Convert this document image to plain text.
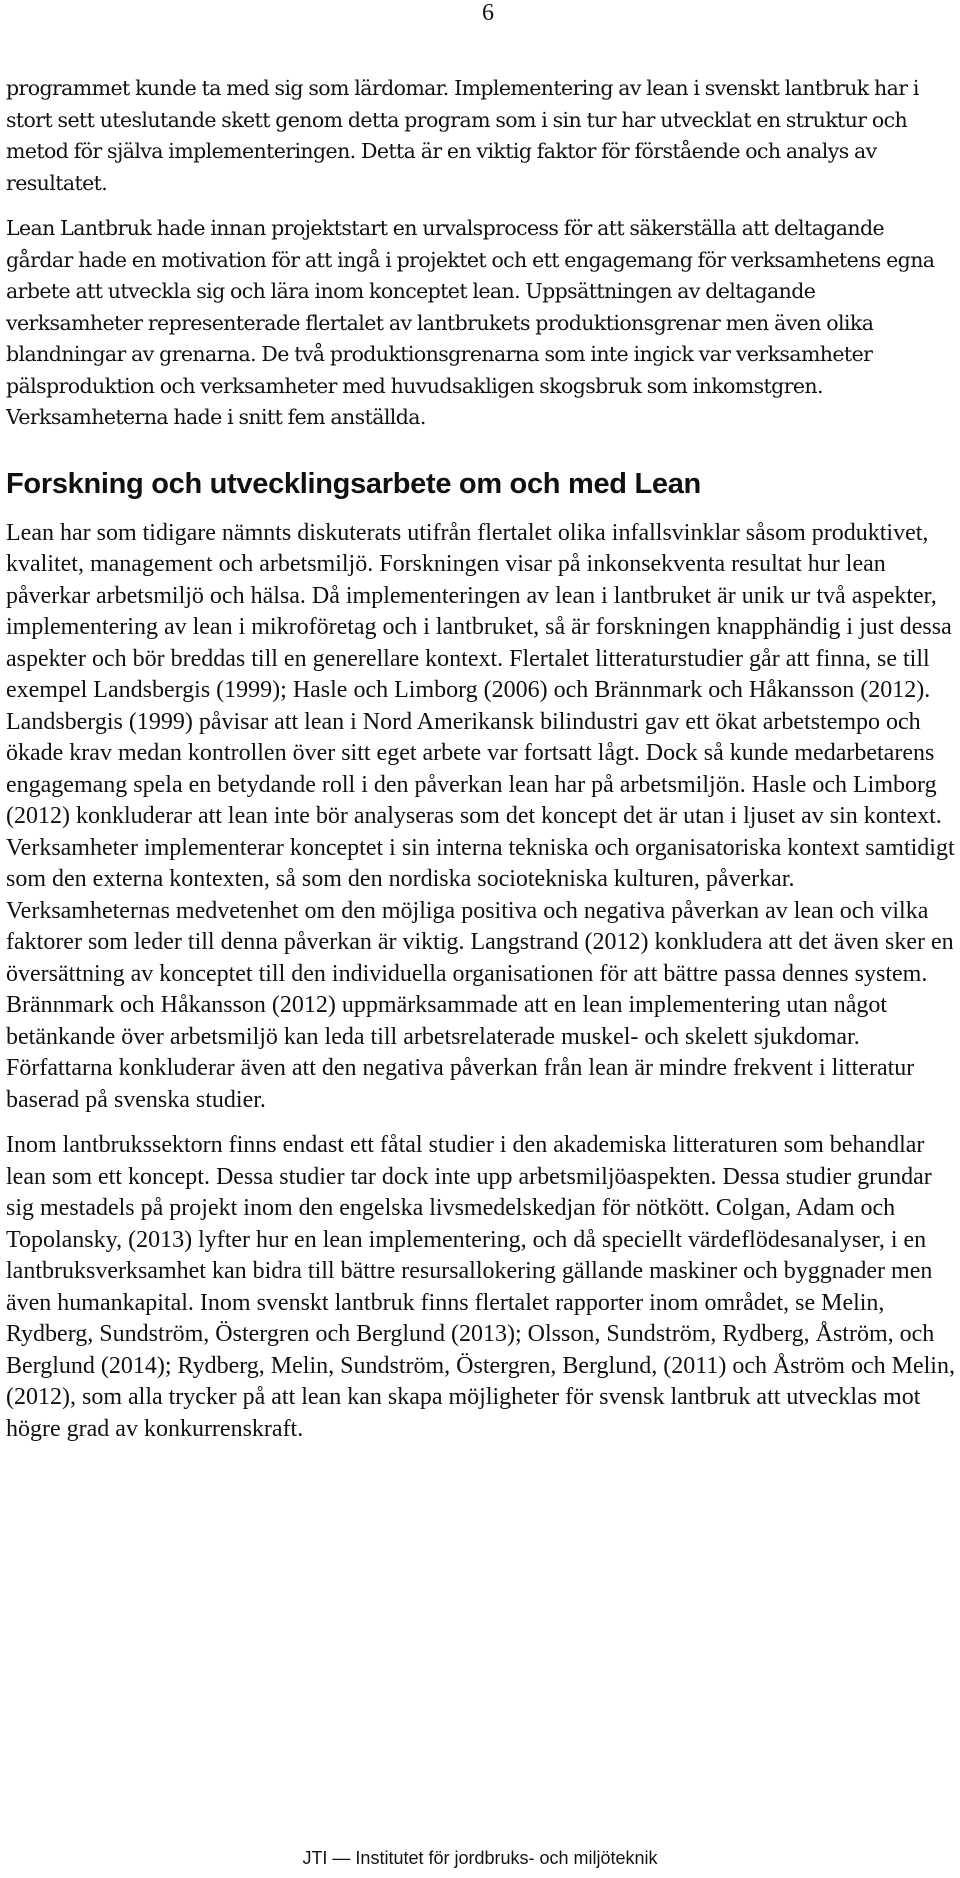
6

programmet kunde ta med sig som lärdomar. Implementering av lean i svenskt lantbruk har i stort sett uteslutande skett genom detta program som i sin tur har utvecklat en struktur och metod för själva implementeringen. Detta är en viktig faktor för förstående och analys av resultatet.

Lean Lantbruk hade innan projektstart en urvalsprocess för att säkerställa att deltagande gårdar hade en motivation för att ingå i projektet och ett engagemang för verksamhetens egna arbete att utveckla sig och lära inom konceptet lean. Uppsättningen av deltagande verksamheter representerade flertalet av lantbrukets produktionsgrenar men även olika blandningar av grenarna. De två produktionsgrenarna som inte ingick var verksamheter pälsproduktion och verksamheter med huvudsakligen skogsbruk som inkomstgren. Verksamheterna hade i snitt fem anställda.

Forskning och utvecklingsarbete om och med Lean

Lean har som tidigare nämnts diskuterats utifrån flertalet olika infallsvinklar såsom produktivet, kvalitet, management och arbetsmiljö. Forskningen visar på inkonsekventa resultat hur lean påverkar arbetsmiljö och hälsa. Då implementeringen av lean i lantbruket är unik ur två aspekter, implementering av lean i mikroföretag och i lantbruket, så är forskningen knapphändig i just dessa aspekter och bör breddas till en generellare kontext. Flertalet litteraturstudier går att finna, se till exempel Landsbergis (1999); Hasle och Limborg (2006) och Brännmark och Håkansson (2012). Landsbergis (1999) påvisar att lean i Nord Amerikansk bilindustri gav ett ökat arbetstempo och ökade krav medan kontrollen över sitt eget arbete var fortsatt lågt. Dock så kunde medarbetarens engagemang spela en betydande roll i den påverkan lean har på arbetsmiljön. Hasle och Limborg (2012) konkluderar att lean inte bör analyseras som det koncept det är utan i ljuset av sin kontext. Verksamheter implementerar konceptet i sin interna tekniska och organisatoriska kontext samtidigt som den externa kontexten, så som den nordiska sociotekniska kulturen, påverkar. Verksamheternas medvetenhet om den möjliga positiva och negativa påverkan av lean och vilka faktorer som leder till denna påverkan är viktig. Langstrand (2012) konkludera att det även sker en översättning av konceptet till den individuella organisationen för att bättre passa dennes system. Brännmark och Håkansson (2012) uppmärksammade att en lean implementering utan något betänkande över arbetsmiljö kan leda till arbetsrelaterade muskel- och skelett sjukdomar. Författarna konkluderar även att den negativa påverkan från lean är mindre frekvent i litteratur baserad på svenska studier.

Inom lantbrukssektorn finns endast ett fåtal studier i den akademiska litteraturen som behandlar lean som ett koncept. Dessa studier tar dock inte upp arbetsmiljöaspekten. Dessa studier grundar sig mestadels på projekt inom den engelska livsmedelskedjan för nötkött. Colgan, Adam och Topolansky, (2013) lyfter hur en lean implementering, och då speciellt värdeflödesanalyser, i en lantbruksverksamhet kan bidra till bättre resursallokering gällande maskiner och byggnader men även humankapital. Inom svenskt lantbruk finns flertalet rapporter inom området, se Melin, Rydberg, Sundström, Östergren och Berglund (2013); Olsson, Sundström, Rydberg, Åström, och Berglund (2014); Rydberg, Melin, Sundström, Östergren, Berglund, (2011) och Åström och Melin, (2012), som alla trycker på att lean kan skapa möjligheter för svensk lantbruk att utvecklas mot högre grad av konkurrenskraft.

JTI — Institutet för jordbruks- och miljöteknik
